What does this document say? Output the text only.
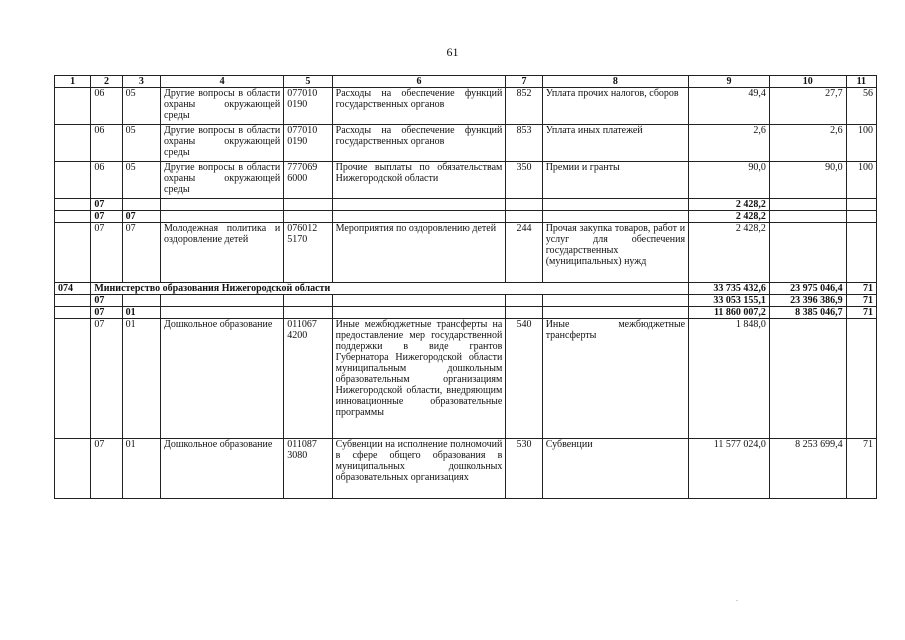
61
1	2	3	4	5	6	7	8	9	10	11
	06	05	Другие вопросы в области охраны окружающей среды	077010 0190	Расходы на обеспечение функций государственных органов	852	Уплата прочих налогов, сборов	49,4	27,7	56
	06	05	Другие вопросы в области охраны окружающей среды	077010 0190	Расходы на обеспечение функций государственных органов	853	Уплата иных платежей	2,6	2,6	100
	06	05	Другие вопросы в области охраны окружающей среды	777069 6000	Прочие выплаты по обязательствам Нижегородской области	350	Премии и гранты	90,0	90,0	100
	07							2 428,2		
	07	07						2 428,2		
	07	07	Молодежная политика и оздоровление детей	076012 5170	Мероприятия по оздоровлению детей	244	Прочая закупка товаров, работ и услуг для обеспечения государственных (муниципальных) нужд	2 428,2		
074	Министерство образования Нижегородской области							33 735 432,6	23 975 046,4	71
	07							33 053 155,1	23 396 386,9	71
	07	01						11 860 007,2	8 385 046,7	71
	07	01	Дошкольное образование	011067 4200	Иные межбюджетные трансферты на предоставление мер государственной поддержки в виде грантов Губернатора Нижегородской области муниципальным дошкольным образовательным организациям Нижегородской области, внедряющим инновационные образовательные программы	540	Иные межбюджетные трансферты	1 848,0		
	07	01	Дошкольное образование	011087 3080	Субвенции на исполнение полномочий в сфере общего образования в муниципальных дошкольных образовательных организациях	530	Субвенции	11 577 024,0	8 253 699,4	71
.
